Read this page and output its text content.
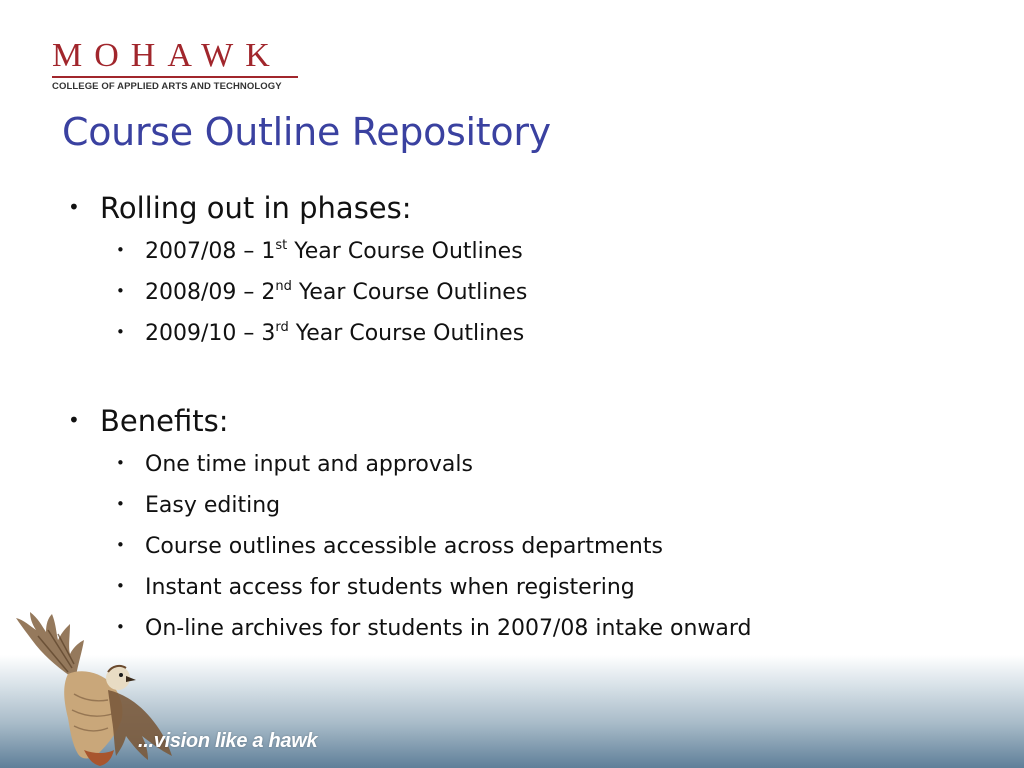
MOHAWK
COLLEGE OF APPLIED ARTS AND TECHNOLOGY
Course Outline Repository
• Rolling out in phases:
• 2007/08 – 1st Year Course Outlines
• 2008/09 – 2nd Year Course Outlines
• 2009/10 – 3rd Year Course Outlines
• Benefits:
• One time input and approvals
• Easy editing
• Course outlines accessible across departments
• Instant access for students when registering
• On-line archives for students in 2007/08 intake onward
...vision like a hawk
